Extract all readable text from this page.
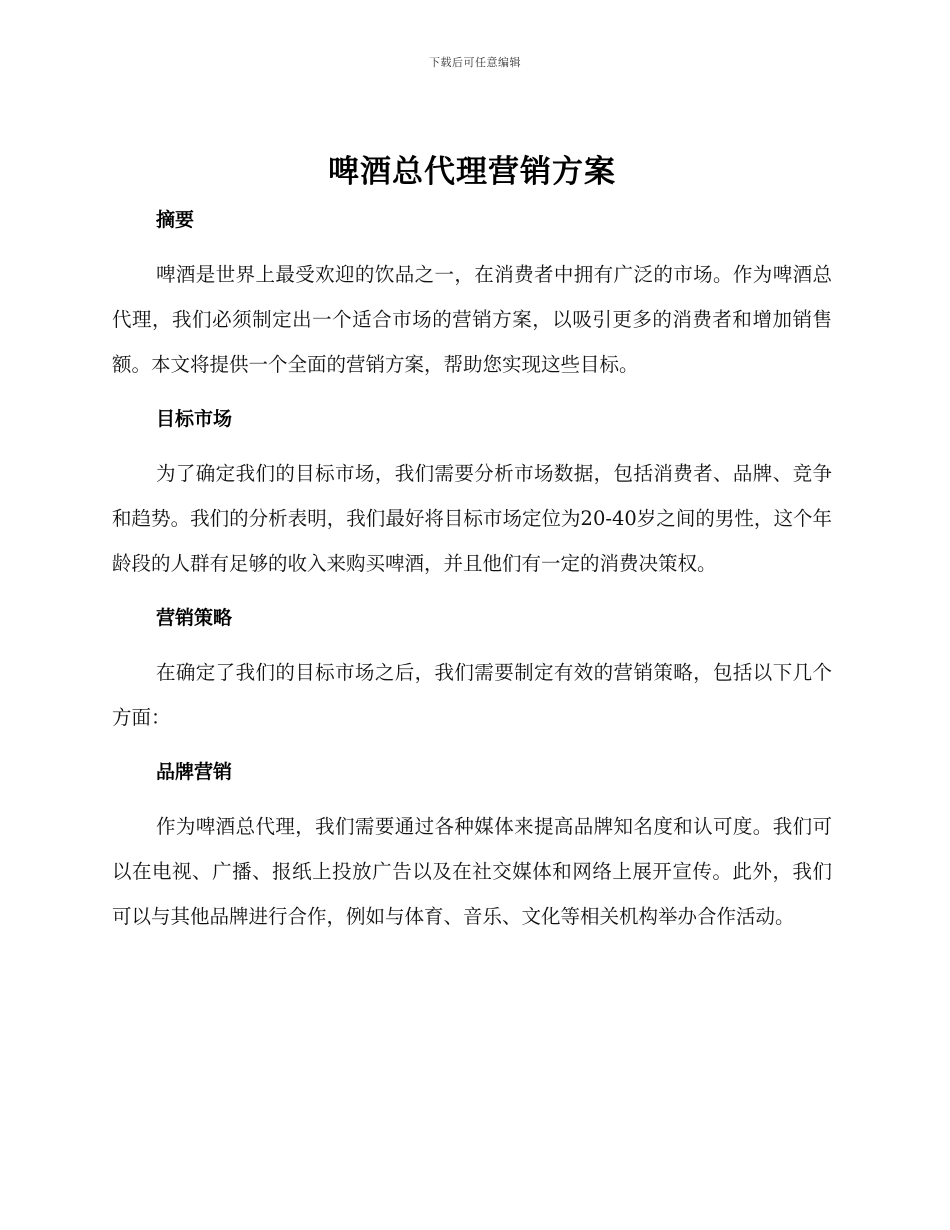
下载后可任意编辑
啤酒总代理营销方案
摘要

啤酒是世界上最受欢迎的饮品之一，在消费者中拥有广泛的市场。作为啤酒总代理，我们必须制定出一个适合市场的营销方案，以吸引更多的消费者和增加销售额。本文将提供一个全面的营销方案，帮助您实现这些目标。

目标市场

为了确定我们的目标市场，我们需要分析市场数据，包括消费者、品牌、竞争和趋势。我们的分析表明，我们最好将目标市场定位为20-40岁之间的男性，这个年龄段的人群有足够的收入来购买啤酒，并且他们有一定的消费决策权。

营销策略

在确定了我们的目标市场之后，我们需要制定有效的营销策略，包括以下几个方面：

品牌营销

作为啤酒总代理，我们需要通过各种媒体来提高品牌知名度和认可度。我们可以在电视、广播、报纸上投放广告以及在社交媒体和网络上展开宣传。此外，我们可以与其他品牌进行合作，例如与体育、音乐、文化等相关机构举办合作活动。
